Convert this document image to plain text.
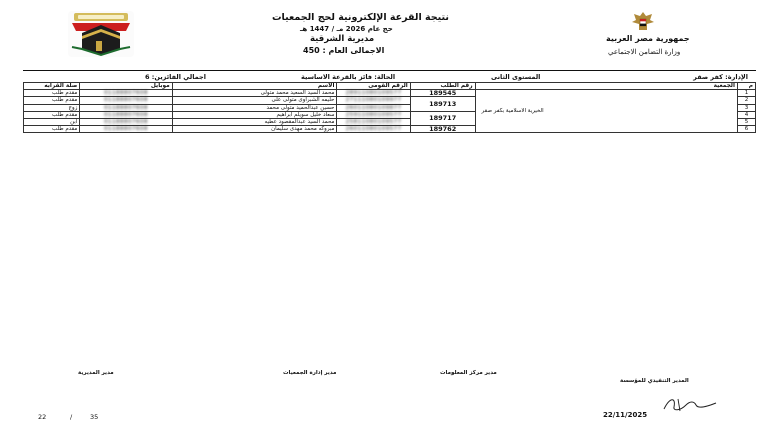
نتيجة القرعة الإلكترونية لحج الجمعيات
حج عام 2026 مـ / 1447 هـ
مديرية الشرقية
الاجمالى العام : 450
جمهورية مصر العربية
وزارة التضامن الاجتماعي
الإدارة: كفر صقر
المستوى الثانى
الحالة: فائز بالقرعة الاساسية
اجمالي الفائزين: 6
م	الجمعية	رقم الطلب	الرقم القومى	الاسم	موبايل	صلة القرابه
1	الخيرية الاسلامية بكفر صقر	189545	28911080109577	محمد السيد السعيد محمد متولى	01188807608	مقدم طلب
2		189713	27111080109977	حليمه الشبراوى متولى على	01188807608	مقدم طلب
3			26011080109877	حسين عبدالحميد متولى محمد	01188807608	زوج
4		189717	25911080109577	سعاد خليل سويلم ابراهيم	01188807608	مقدم طلب
5			25811080109577	محمد السيد عبدالمقصود عطيه	01188807608	ابن
6		189762	26011080109577	مبروكه محمد مهدى سليمان	01188807608	مقدم طلب
مدير المديرية	مدير إدارة الجمعيات	مدير مركز المعلومات
المدير التنفيذي للمؤسسة
22	/	35	22/11/2025
